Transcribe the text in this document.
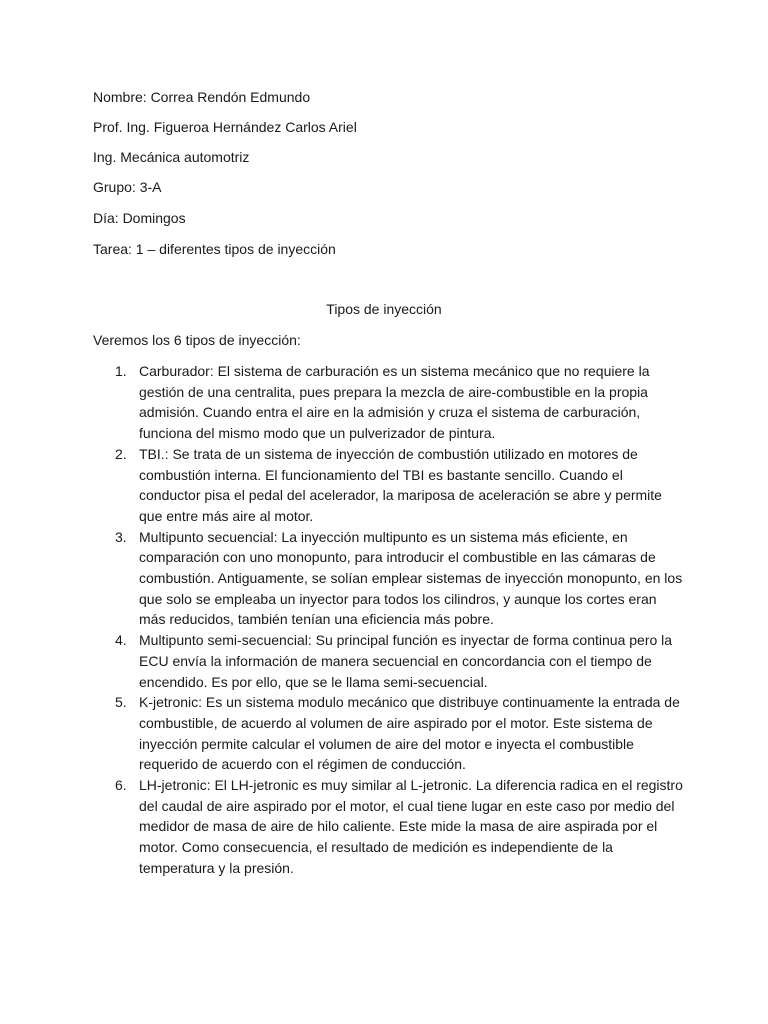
Nombre: Correa Rendón Edmundo
Prof. Ing. Figueroa Hernández Carlos Ariel
Ing. Mecánica automotriz
Grupo: 3-A
Día: Domingos
Tarea: 1 – diferentes tipos de inyección
Tipos de inyección
Veremos los 6 tipos de inyección:
1. Carburador: El sistema de carburación es un sistema mecánico que no requiere la gestión de una centralita, pues prepara la mezcla de aire-combustible en la propia admisión. Cuando entra el aire en la admisión y cruza el sistema de carburación, funciona del mismo modo que un pulverizador de pintura.
2. TBI.: Se trata de un sistema de inyección de combustión utilizado en motores de combustión interna. El funcionamiento del TBI es bastante sencillo. Cuando el conductor pisa el pedal del acelerador, la mariposa de aceleración se abre y permite que entre más aire al motor.
3. Multipunto secuencial: La inyección multipunto es un sistema más eficiente, en comparación con uno monopunto, para introducir el combustible en las cámaras de combustión. Antiguamente, se solían emplear sistemas de inyección monopunto, en los que solo se empleaba un inyector para todos los cilindros, y aunque los cortes eran más reducidos, también tenían una eficiencia más pobre.
4. Multipunto semi-secuencial: Su principal función es inyectar de forma continua pero la ECU envía la información de manera secuencial en concordancia con el tiempo de encendido. Es por ello, que se le llama semi-secuencial.
5. K-jetronic: Es un sistema modulo mecánico que distribuye continuamente la entrada de combustible, de acuerdo al volumen de aire aspirado por el motor. Este sistema de inyección permite calcular el volumen de aire del motor e inyecta el combustible requerido de acuerdo con el régimen de conducción.
6. LH-jetronic: El LH-jetronic es muy similar al L-jetronic. La diferencia radica en el registro del caudal de aire aspirado por el motor, el cual tiene lugar en este caso por medio del medidor de masa de aire de hilo caliente. Este mide la masa de aire aspirada por el motor. Como consecuencia, el resultado de medición es independiente de la temperatura y la presión.
